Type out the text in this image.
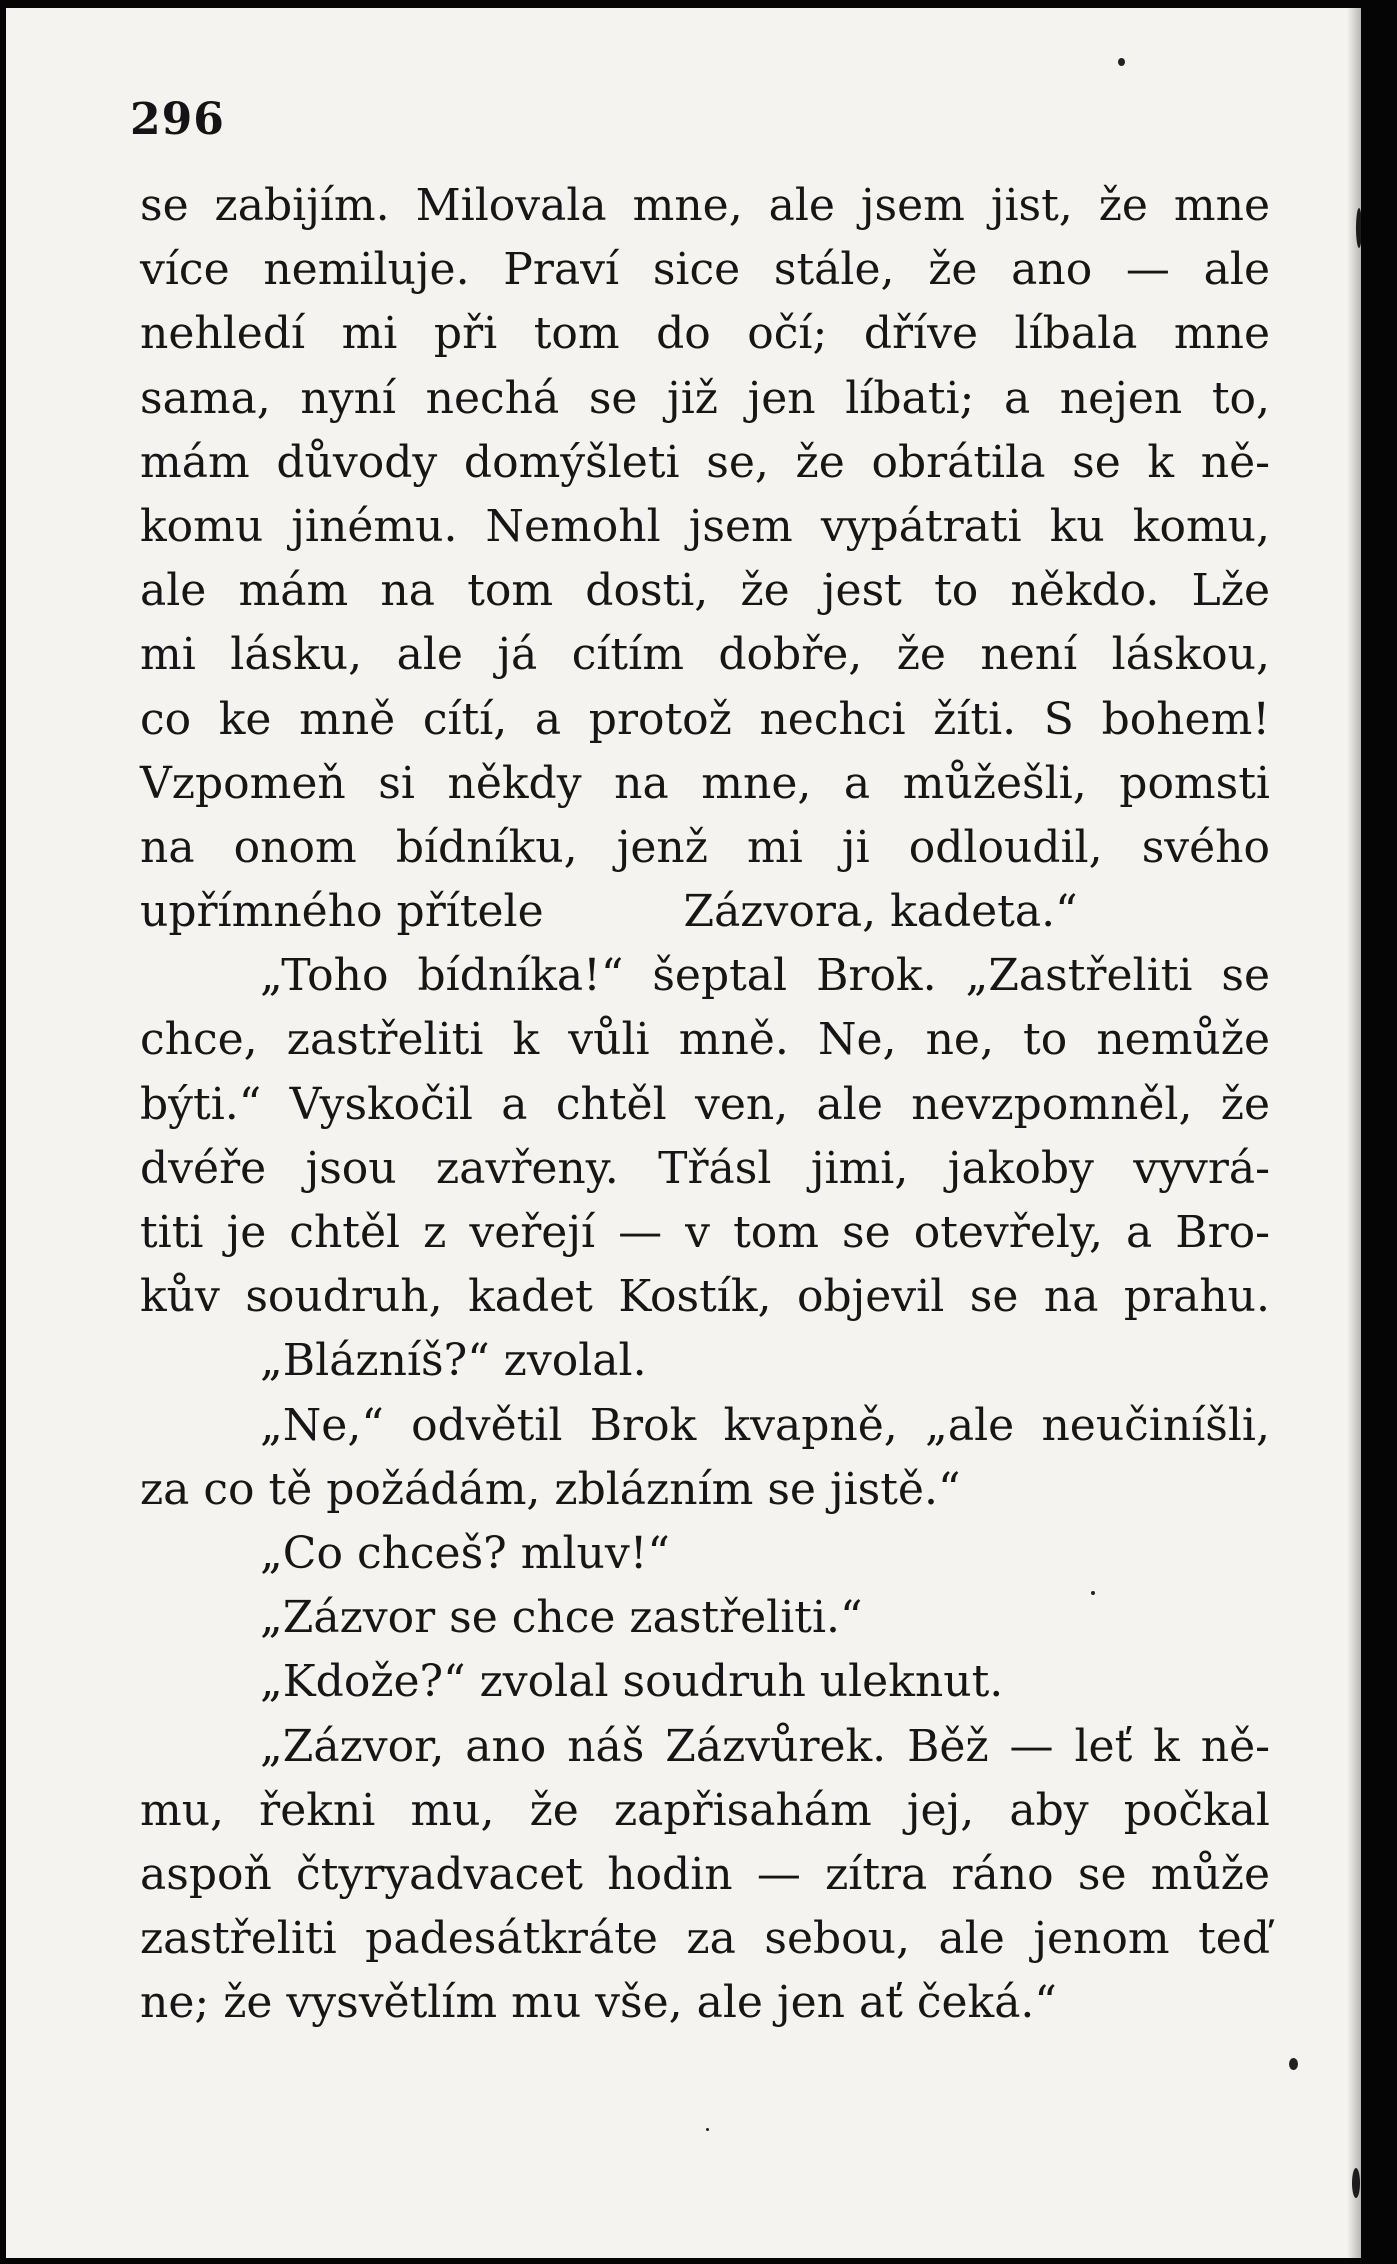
296
se zabijím. Milovala mne, ale jsem jist, že mne
více nemiluje. Praví sice stále, že ano — ale
nehledí mi při tom do očí; dříve líbala mne
sama, nyní nechá se již jen líbati; a nejen to,
mám důvody domýšleti se, že obrátila se k ně-
komu jinému. Nemohl jsem vypátrati ku komu,
ale mám na tom dosti, že jest to někdo. Lže
mi lásku, ale já cítím dobře, že není láskou,
co ke mně cítí, a protož nechci žíti. S bohem!
Vzpomeň si někdy na mne, a můžešli, pomsti
na onom bídníku, jenž mi ji odloudil, svého
upřímného přítele          Zázvora, kadeta.“
„Toho bídníka!“ šeptal Brok. „Zastřeliti se
chce, zastřeliti k vůli mně. Ne, ne, to nemůže
býti.“ Vyskočil a chtěl ven, ale nevzpomněl, že
dvéře jsou zavřeny. Třásl jimi, jakoby vyvrá-
titi je chtěl z veřejí — v tom se otevřely, a Bro-
kův soudruh, kadet Kostík, objevil se na prahu.
„Blázníš?“ zvolal.
„Ne,“ odvětil Brok kvapně, „ale neučiníšli,
za co tě požádám, zblázním se jistě.“
„Co chceš? mluv!“
„Zázvor se chce zastřeliti.“
„Kdože?“ zvolal soudruh uleknut.
„Zázvor, ano náš Zázvůrek. Běž — leť k ně-
mu, řekni mu, že zapřisahám jej, aby počkal
aspoň čtyryadvacet hodin — zítra ráno se může
zastřeliti padesátkráte za sebou, ale jenom teď
ne; že vysvětlím mu vše, ale jen ať čeká.“
